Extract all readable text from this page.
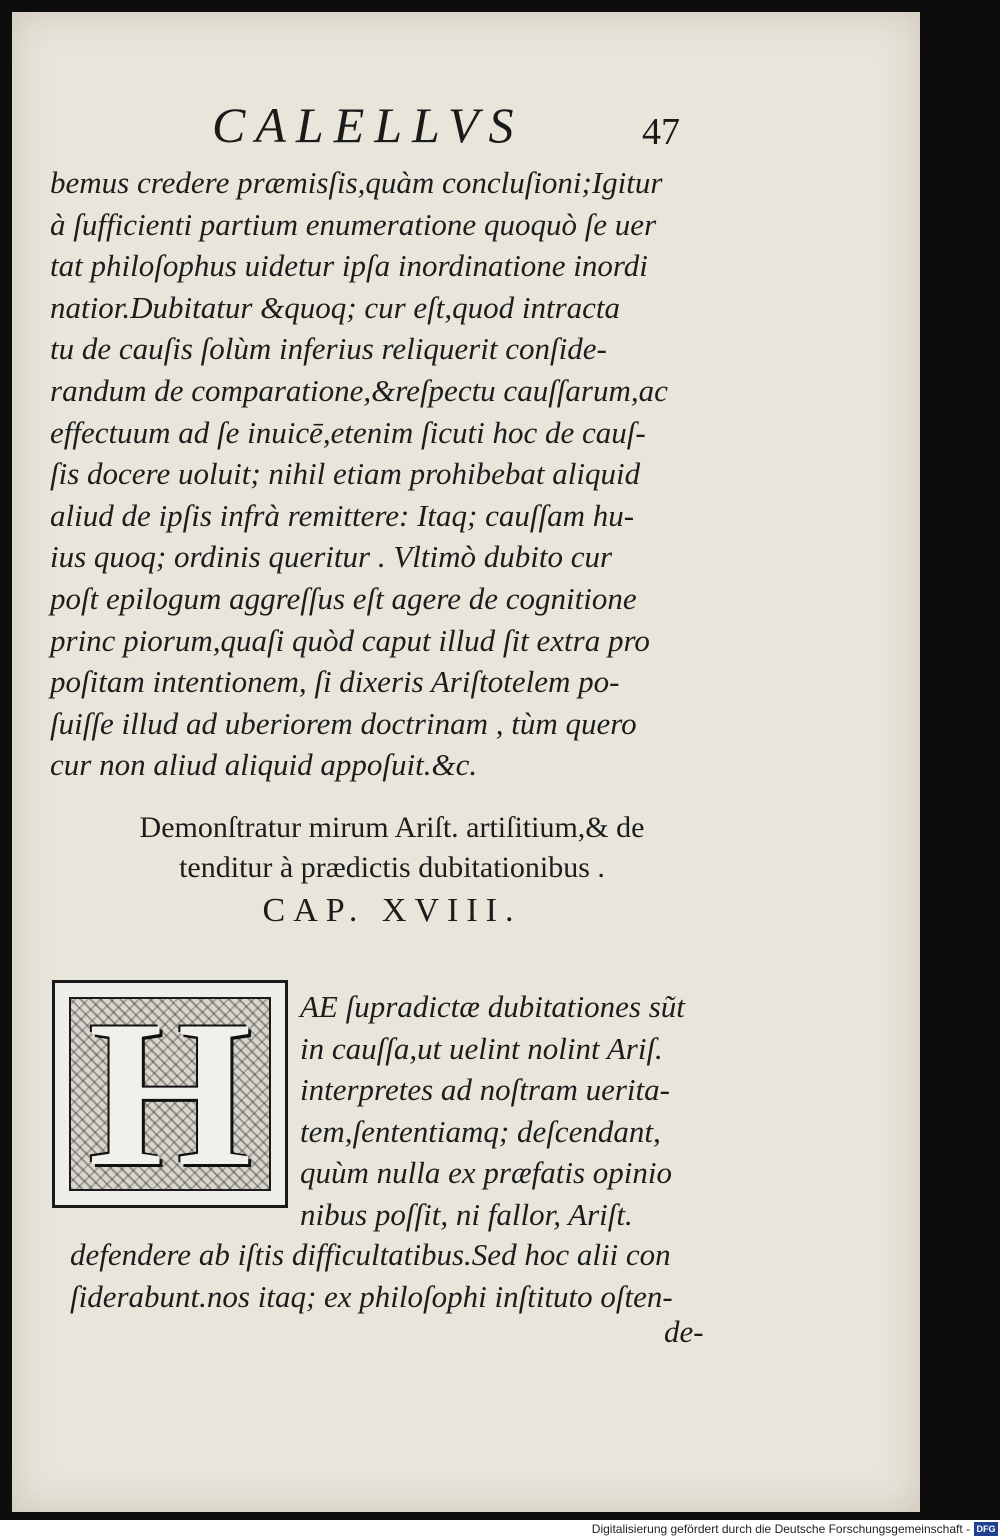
CALELLVS	47
bemus credere præmisſis,quàm concluſioni;Igitur
à ſufficienti partium enumeratione quoquò ſe uer
tat philoſophus uidetur ipſa inordinatione inordi
natior.Dubitatur &quoq; cur eſt,quod intracta
tu de cauſis ſolùm inferius reliquerit conſide-
randum de comparatione,&reſpectu cauſſarum,ac
effectuum ad ſe inuicē,etenim ſicuti hoc de cauſ-
ſis docere uoluit; nihil etiam prohibebat aliquid
aliud de ipſis infrà remittere: Itaq; cauſſam hu-
ius quoq; ordinis queritur . Vltimò dubito cur
poſt epilogum aggreſſus eſt agere de cognitione
princ piorum,quaſi quòd caput illud ſit extra pro
poſitam intentionem, ſi dixeris Ariſtotelem po-
ſuiſſe illud ad uberiorem doctrinam , tùm quero
cur non aliud aliquid appoſuit.&c.
Demonſtratur mirum Ariſt. artiſitium,& de
tenditur à prædictis dubitationibus .
CAP. XVIII.
H	AE ſupradictæ dubitationes sũt
in cauſſa,ut uelint nolint Ariſ.
interpretes ad noſtram uerita-
tem,ſententiamq; deſcendant,
quùm nulla ex præfatis opinio
nibus poſſit, ni fallor, Ariſt.
defendere ab iſtis difficultatibus.Sed hoc alii con
ſiderabunt.nos itaq; ex philoſophi inſtituto oſten-
de-
Digitalisierung gefördert durch die Deutsche Forschungsgemeinschaft - DFG
